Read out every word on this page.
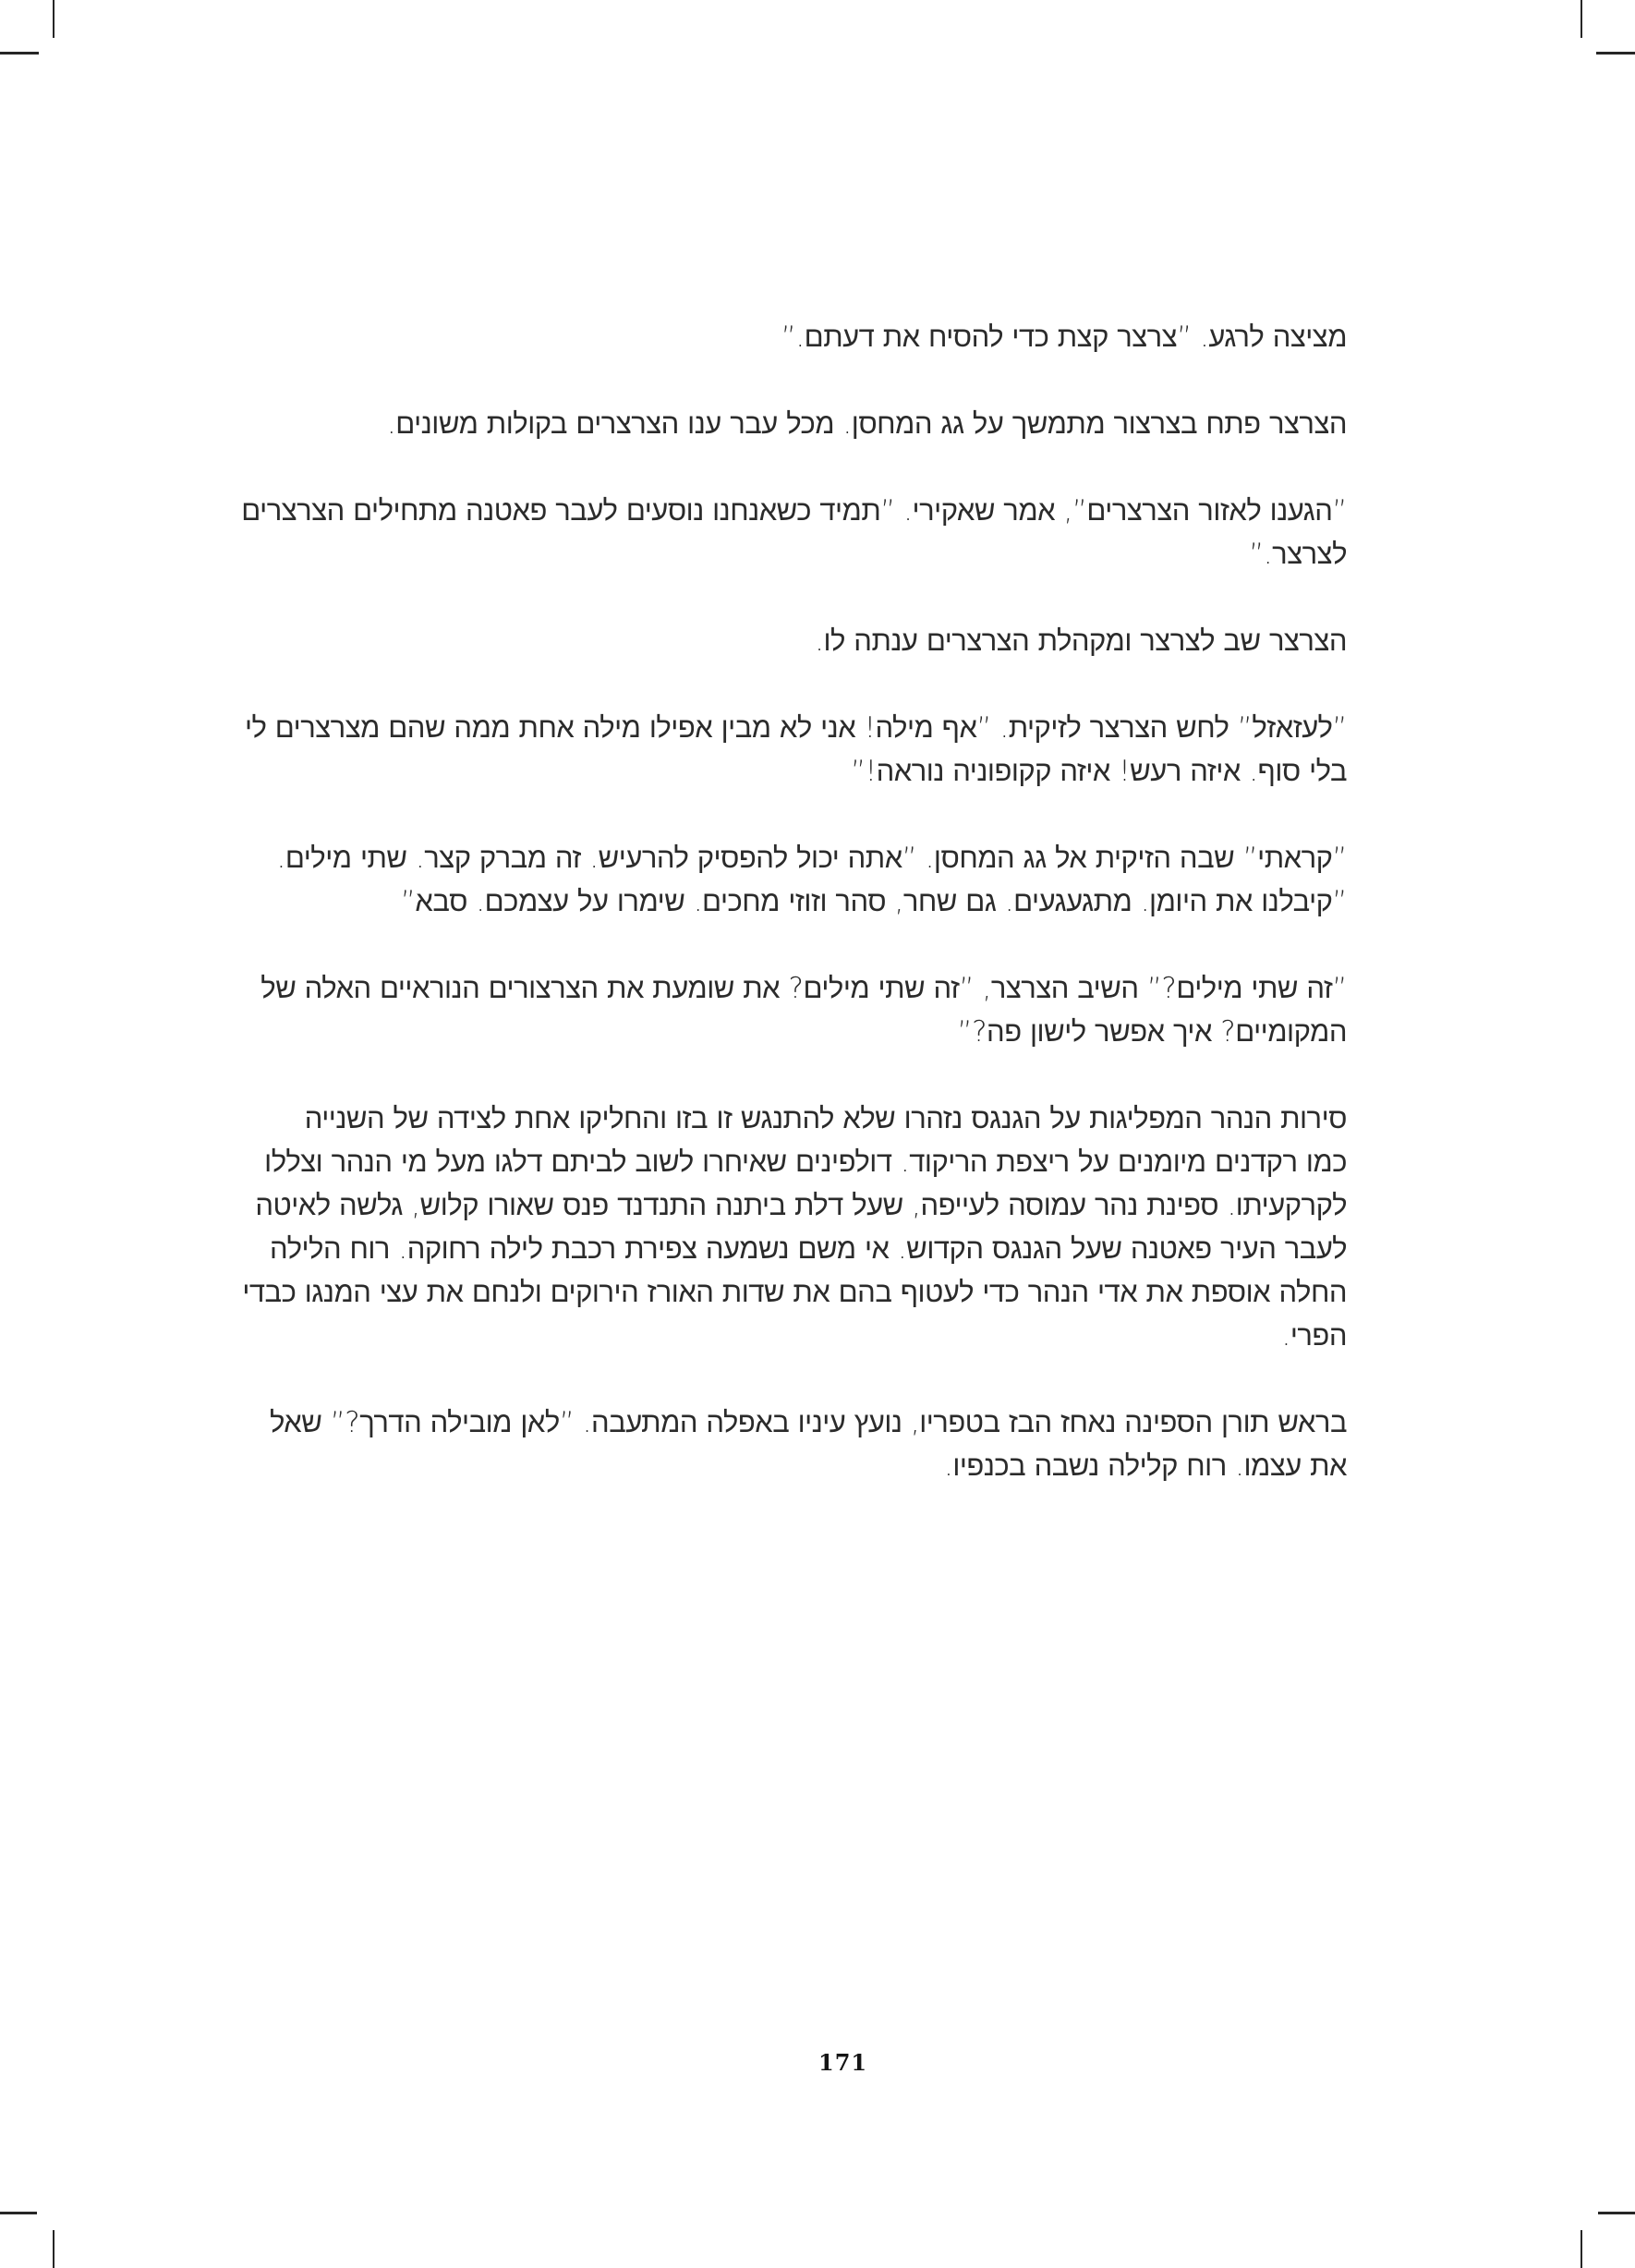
מציצה לרגע. ”צרצר קצת כדי להסיח את דעתם.”
הצרצר פתח בצרצור מתמשך על גג המחסן. מכל עבר ענו הצרצרים בקולות משונים.
”הגענו לאזור הצרצרים”, אמר שאקירי. ”תמיד כשאנחנו נוסעים לעבר פאטנה מתחילים הצרצרים
לצרצר.”
הצרצר שב לצרצר ומקהלת הצרצרים ענתה לו.
”לעזאזל” לחש הצרצר לזיקית. ”אף מילה! אני לא מבין אפילו מילה אחת ממה שהם מצרצרים לי
בלי סוף. איזה רעש! איזה קקופוניה נוראה!”
”קראתי” שבה הזיקית אל גג המחסן. ”אתה יכול להפסיק להרעיש. זה מברק קצר. שתי מילים.
”קיבלנו את היומן. מתגעגעים. גם שחר, סהר וזוזי מחכים. שימרו על עצמכם. סבא”
”זה שתי מילים?” השיב הצרצר, ”זה שתי מילים? את שומעת את הצרצורים הנוראיים האלה של
המקומיים? איך אפשר לישון פה?”
סירות הנהר המפליגות על הגנגס נזהרו שלא להתנגש זו בזו והחליקו אחת לצידה של השנייה
כמו רקדנים מיומנים על ריצפת הריקוד. דולפינים שאיחרו לשוב לביתם דלגו מעל מי הנהר וצללו
לקרקעיתו. ספינת נהר עמוסה לעייפה, שעל דלת ביתנה התנדנד פנס שאורו קלוש, גלשה לאיטה
לעבר העיר פאטנה שעל הגנגס הקדוש. אי משם נשמעה צפירת רכבת לילה רחוקה. רוח הלילה
החלה אוספת את אדי הנהר כדי לעטוף בהם את שדות האורז הירוקים ולנחם את עצי המנגו כבדי
הפרי.
בראש תורן הספינה נאחז הבז בטפריו, נועץ עיניו באפלה המתעבה. ”לאן מובילה הדרך?” שאל
את עצמו. רוח קלילה נשבה בכנפיו.
171
